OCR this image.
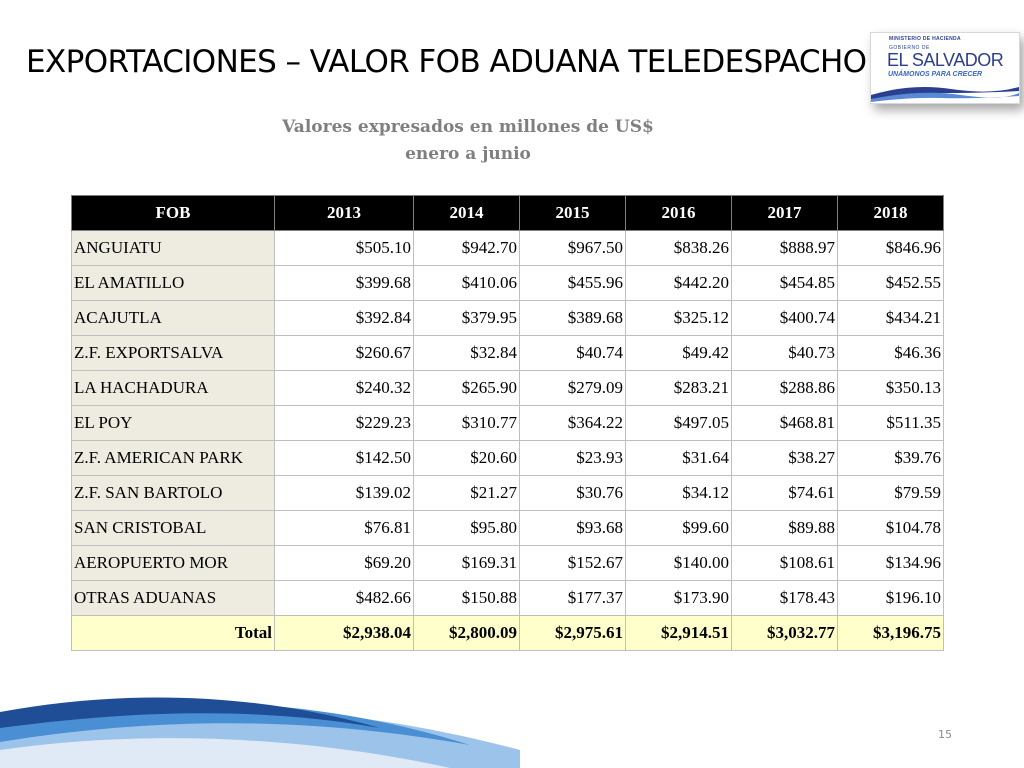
EXPORTACIONES – VALOR FOB ADUANA TELEDESPACHO
MINISTERIO DE HACIENDA
GOBIERNO DE
EL SALVADOR
UNÁMONOS PARA CRECER
Valores expresados en millones de US$
enero a junio
FOB	2013	2014	2015	2016	2017	2018
ANGUIATU	$505.10	$942.70	$967.50	$838.26	$888.97	$846.96
EL AMATILLO	$399.68	$410.06	$455.96	$442.20	$454.85	$452.55
ACAJUTLA	$392.84	$379.95	$389.68	$325.12	$400.74	$434.21
Z.F. EXPORTSALVA	$260.67	$32.84	$40.74	$49.42	$40.73	$46.36
LA HACHADURA	$240.32	$265.90	$279.09	$283.21	$288.86	$350.13
EL POY	$229.23	$310.77	$364.22	$497.05	$468.81	$511.35
Z.F. AMERICAN PARK	$142.50	$20.60	$23.93	$31.64	$38.27	$39.76
Z.F. SAN BARTOLO	$139.02	$21.27	$30.76	$34.12	$74.61	$79.59
SAN CRISTOBAL	$76.81	$95.80	$93.68	$99.60	$89.88	$104.78
AEROPUERTO MOR	$69.20	$169.31	$152.67	$140.00	$108.61	$134.96
OTRAS ADUANAS	$482.66	$150.88	$177.37	$173.90	$178.43	$196.10
Total	$2,938.04	$2,800.09	$2,975.61	$2,914.51	$3,032.77	$3,196.75
15
